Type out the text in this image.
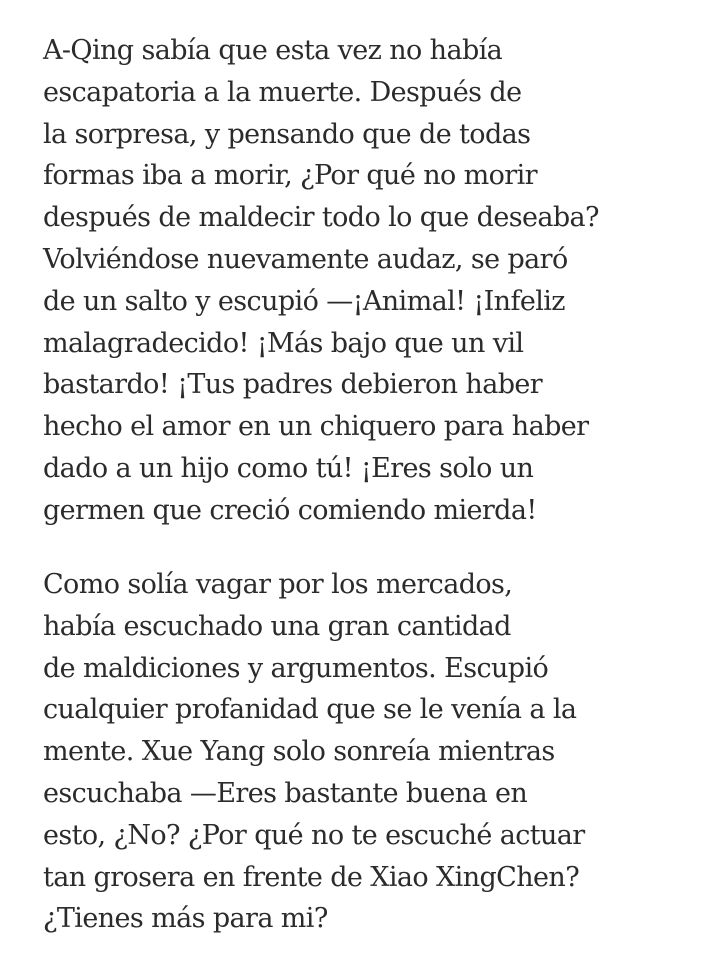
A-Qing sabía que esta vez no había
escapatoria a la muerte. Después de
la sorpresa, y pensando que de todas
formas iba a morir, ¿Por qué no morir
después de maldecir todo lo que deseaba?
Volviéndose nuevamente audaz, se paró
de un salto y escupió —¡Animal! ¡Infeliz
malagradecido! ¡Más bajo que un vil
bastardo! ¡Tus padres debieron haber
hecho el amor en un chiquero para haber
dado a un hijo como tú! ¡Eres solo un
germen que creció comiendo mierda!

Como solía vagar por los mercados,
había escuchado una gran cantidad
de maldiciones y argumentos. Escupió
cualquier profanidad que se le venía a la
mente. Xue Yang solo sonreía mientras
escuchaba —Eres bastante buena en
esto, ¿No? ¿Por qué no te escuché actuar
tan grosera en frente de Xiao XingChen?
¿Tienes más para mi?
